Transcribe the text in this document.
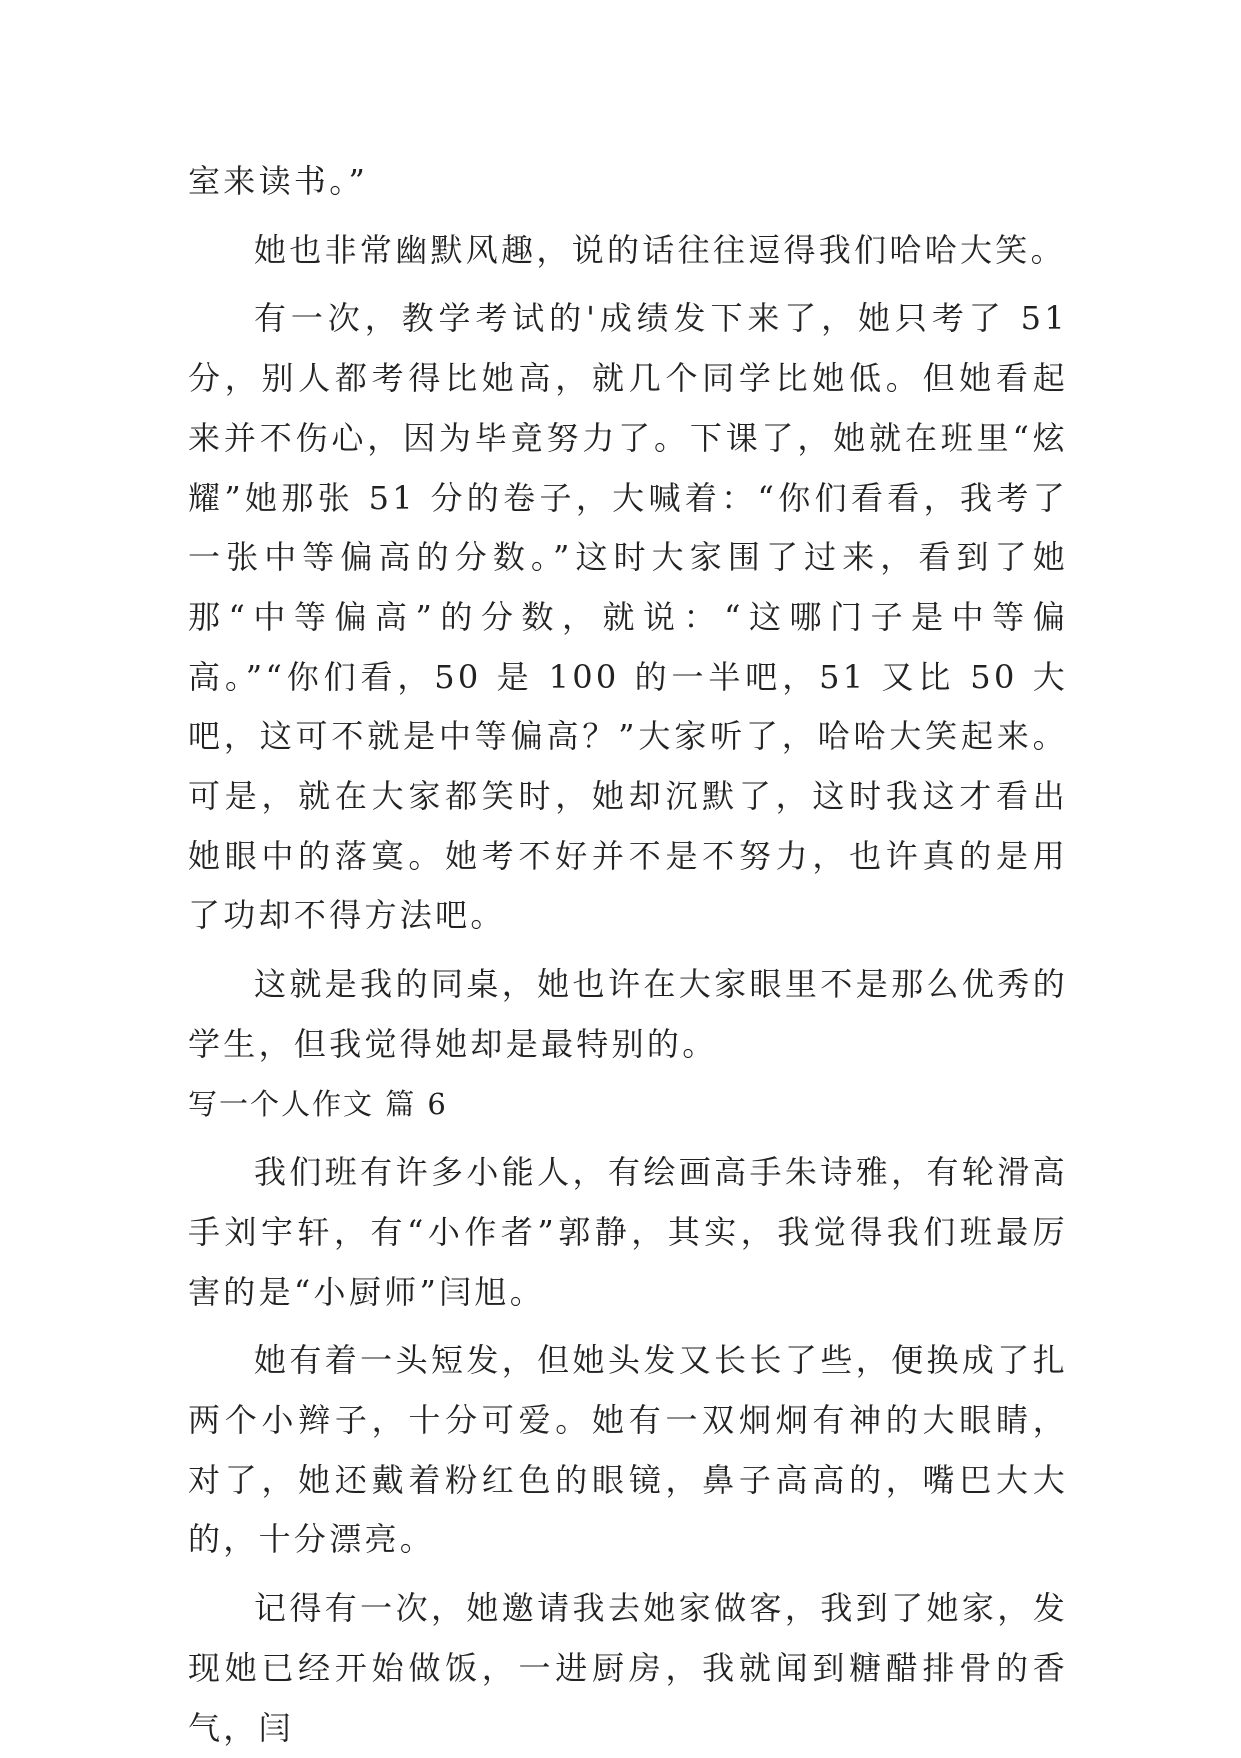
室来读书。”

她也非常幽默风趣，说的话往往逗得我们哈哈大笑。

有一次，教学考试的'成绩发下来了，她只考了 51 分，别人都考得比她高，就几个同学比她低。但她看起来并不伤心，因为毕竟努力了。下课了，她就在班里“炫耀”她那张 51 分的卷子，大喊着：“你们看看，我考了一张中等偏高的分数。”这时大家围了过来，看到了她那“中等偏高”的分数，就说：“这哪门子是中等偏高。”“你们看，50 是 100 的一半吧，51 又比 50 大吧，这可不就是中等偏高？”大家听了，哈哈大笑起来。可是，就在大家都笑时，她却沉默了，这时我这才看出她眼中的落寞。她考不好并不是不努力，也许真的是用了功却不得方法吧。

这就是我的同桌，她也许在大家眼里不是那么优秀的学生，但我觉得她却是最特别的。

写一个人作文 篇 6

我们班有许多小能人，有绘画高手朱诗雅，有轮滑高手刘宇轩，有“小作者”郭静，其实，我觉得我们班最厉害的是“小厨师”闫旭。

她有着一头短发，但她头发又长长了些，便换成了扎两个小辫子，十分可爱。她有一双炯炯有神的大眼睛，对了，她还戴着粉红色的眼镜，鼻子高高的，嘴巴大大的，十分漂亮。

记得有一次，她邀请我去她家做客，我到了她家，发现她已经开始做饭，一进厨房，我就闻到糖醋排骨的香气，闫
